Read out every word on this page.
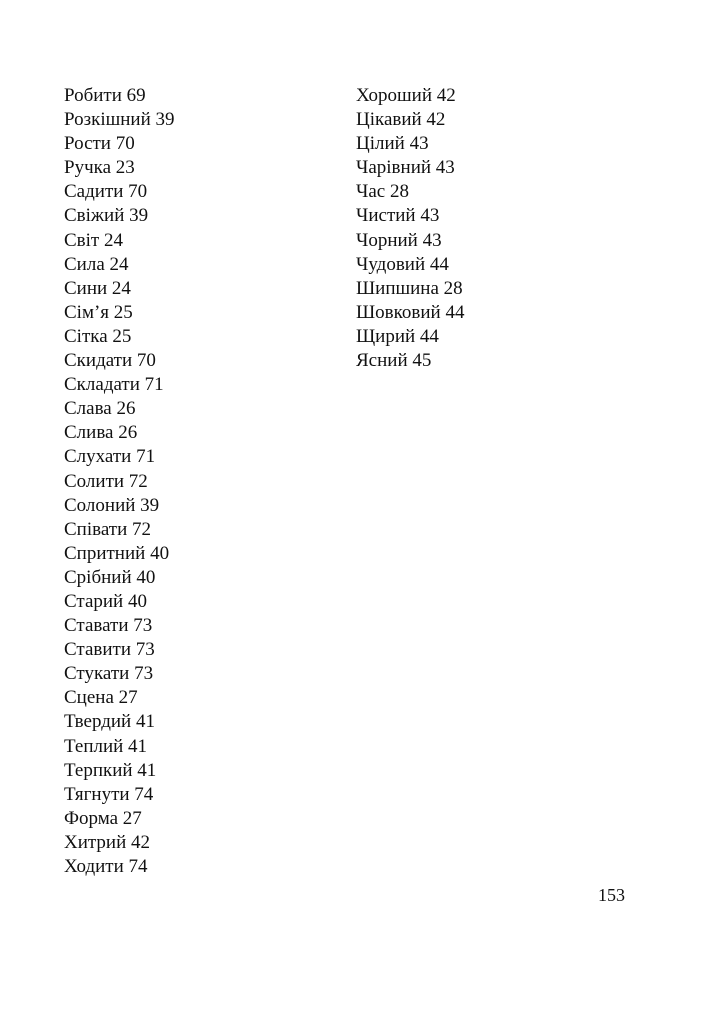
Робити 69
Розкішний 39
Рости 70
Ручка 23
Садити 70
Свіжий 39
Світ 24
Сила 24
Сини 24
Сім’я 25
Сітка 25
Скидати 70
Складати 71
Слава 26
Слива 26
Слухати 71
Солити 72
Солоний 39
Співати 72
Спритний 40
Срібний 40
Старий 40
Ставати 73
Ставити 73
Стукати 73
Сцена 27
Твердий 41
Теплий 41
Терпкий 41
Тягнути 74
Форма 27
Хитрий 42
Ходити 74
Хороший 42
Цікавий 42
Цілий 43
Чарівний 43
Час 28
Чистий 43
Чорний 43
Чудовий 44
Шипшина 28
Шовковий 44
Щирий 44
Ясний 45
153
